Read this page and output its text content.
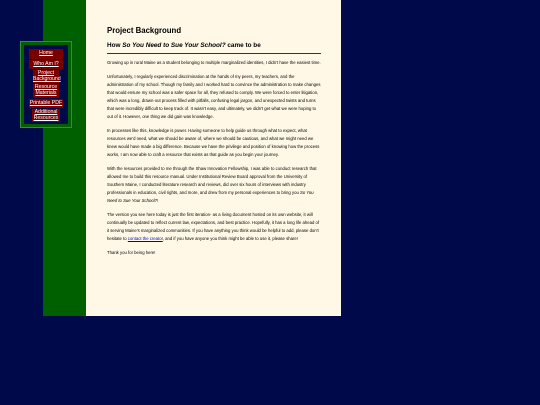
Home
Who Am I?
Project Background
Resource Materials
Printable PDF
Additional Resources
Project Background
How So You Need to Sue Your School? came to be

Growing up in rural Maine as a student belonging to multiple marginalized identities, I didn't have the easiest time.

Unfortunately, I regularly experienced discrimination at the hands of my peers, my teachers, and the administration of my school. Though my family and I worked hard to convince the administration to make changes that would ensure my school was a safer space for all, they refused to comply. We were forced to enter litigation, which was a long, drawn-out process filled with pitfalls, confusing legal jargon, and unexpected twists and turns that were incredibly difficult to keep track of. It wasn't easy, and ultimately, we didn't get what we were hoping to out of it. However, one thing we did gain was knowledge.

In processes like this, knowledge is power. Having someone to help guide us through what to expect, what resources we'd need, what we should be aware of, where we should be cautious, and what we might need we knew would have made a big difference. Because we have the privilege and position of knowing how the process works, I am now able to craft a resource that exists as that guide as you begin your journey.

With the resources provided to me through the Shaw Innovation Fellowship, I was able to conduct research that allowed me to build this resource manual. Under Institutional Review Board approval from the University of Southern Maine, I conducted literature research and reviews, did over six hours of interviews with industry professionals in education, civil rights, and more, and drew from my personal experiences to bring you So You Need to Sue Your School?!

The version you see here today is just the first iteration- as a living document hosted on its own website, it will continually be updated to reflect current law, expectations, and best practice. Hopefully, it has a long life ahead of it serving Maine's marginalized communities. If you have anything you think would be helpful to add, please don't hesitate to contact the creator, and if you have anyone you think might be able to use it, please share!

Thank you for being here!
